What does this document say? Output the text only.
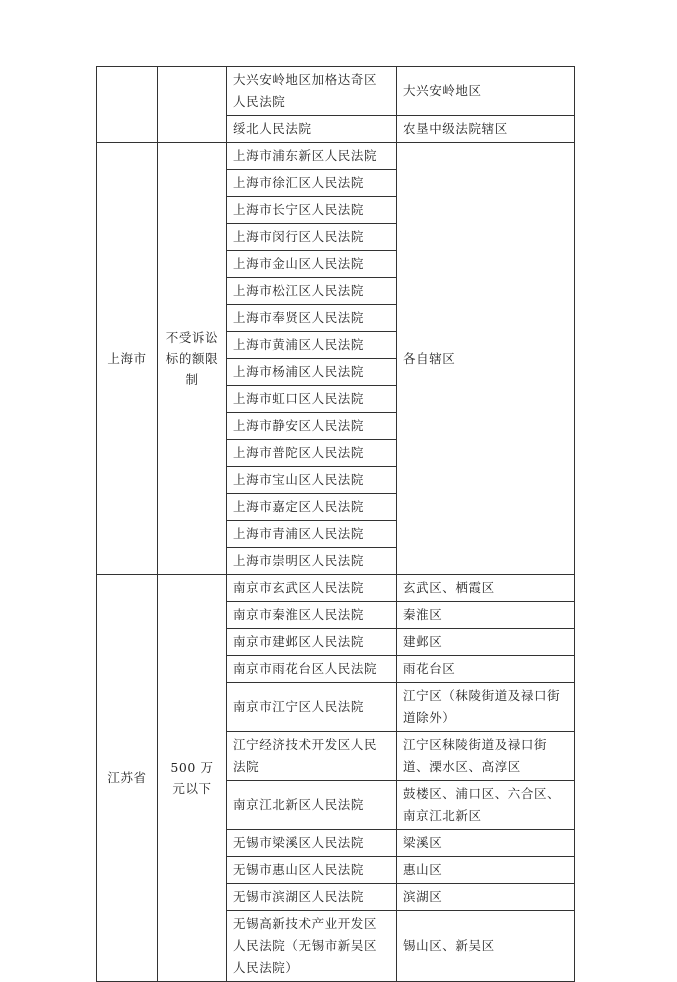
		大兴安岭地区加格达奇区人民法院	大兴安岭地区
		绥北人民法院	农垦中级法院辖区
上海市	不受诉讼标的额限制	上海市浦东新区人民法院	各自辖区
		上海市徐汇区人民法院	
		上海市长宁区人民法院	
		上海市闵行区人民法院	
		上海市金山区人民法院	
		上海市松江区人民法院	
		上海市奉贤区人民法院	
		上海市黄浦区人民法院	
		上海市杨浦区人民法院	
		上海市虹口区人民法院	
		上海市静安区人民法院	
		上海市普陀区人民法院	
		上海市宝山区人民法院	
		上海市嘉定区人民法院	
		上海市青浦区人民法院	
		上海市崇明区人民法院	
江苏省	500 万元以下	南京市玄武区人民法院	玄武区、栖霞区
		南京市秦淮区人民法院	秦淮区
		南京市建邺区人民法院	建邺区
		南京市雨花台区人民法院	雨花台区
		南京市江宁区人民法院	江宁区（秣陵街道及禄口街道除外）
		江宁经济技术开发区人民法院	江宁区秣陵街道及禄口街道、溧水区、高淳区
		南京江北新区人民法院	鼓楼区、浦口区、六合区、南京江北新区
		无锡市梁溪区人民法院	梁溪区
		无锡市惠山区人民法院	惠山区
		无锡市滨湖区人民法院	滨湖区
		无锡高新技术产业开发区人民法院（无锡市新吴区人民法院）	锡山区、新吴区
